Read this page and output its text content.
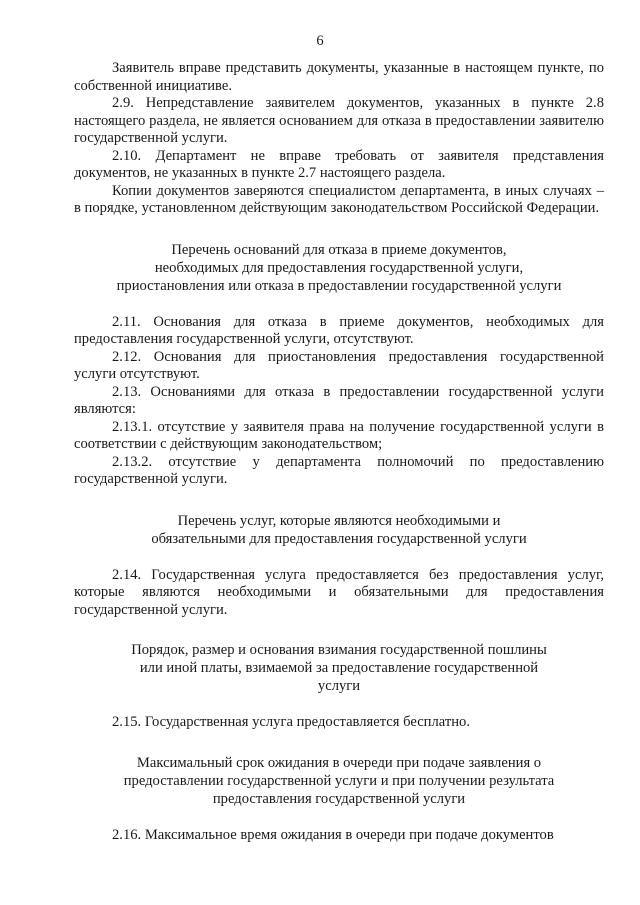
6

Заявитель вправе представить документы, указанные в настоящем пункте, по собственной инициативе.

2.9. Непредставление заявителем документов, указанных в пункте 2.8 настоящего раздела, не является основанием для отказа в предоставлении заявителю государственной услуги.

2.10. Департамент не вправе требовать от заявителя представления документов, не указанных в пункте 2.7 настоящего раздела.

Копии документов заверяются специалистом департамента, в иных случаях – в порядке, установленном действующим законодательством Российской Федерации.

Перечень оснований для отказа в приеме документов,
необходимых для предоставления государственной услуги,
приостановления или отказа в предоставлении государственной услуги

2.11. Основания для отказа в приеме документов, необходимых для предоставления государственной услуги, отсутствуют.

2.12. Основания для приостановления предоставления государственной услуги отсутствуют.

2.13. Основаниями для отказа в предоставлении государственной услуги являются:

2.13.1. отсутствие у заявителя права на получение государственной услуги в соответствии с действующим законодательством;

2.13.2. отсутствие у департамента полномочий по предоставлению государственной услуги.

Перечень услуг, которые являются необходимыми и
обязательными для предоставления государственной услуги

2.14. Государственная услуга предоставляется без предоставления услуг, которые являются необходимыми и обязательными для предоставления государственной услуги.

Порядок, размер и основания взимания государственной пошлины
или иной платы, взимаемой за предоставление государственной
услуги

2.15. Государственная услуга предоставляется бесплатно.

Максимальный срок ожидания в очереди при подаче заявления о
предоставлении государственной услуги и при получении результата
предоставления государственной услуги

2.16. Максимальное время ожидания в очереди при подаче документов
